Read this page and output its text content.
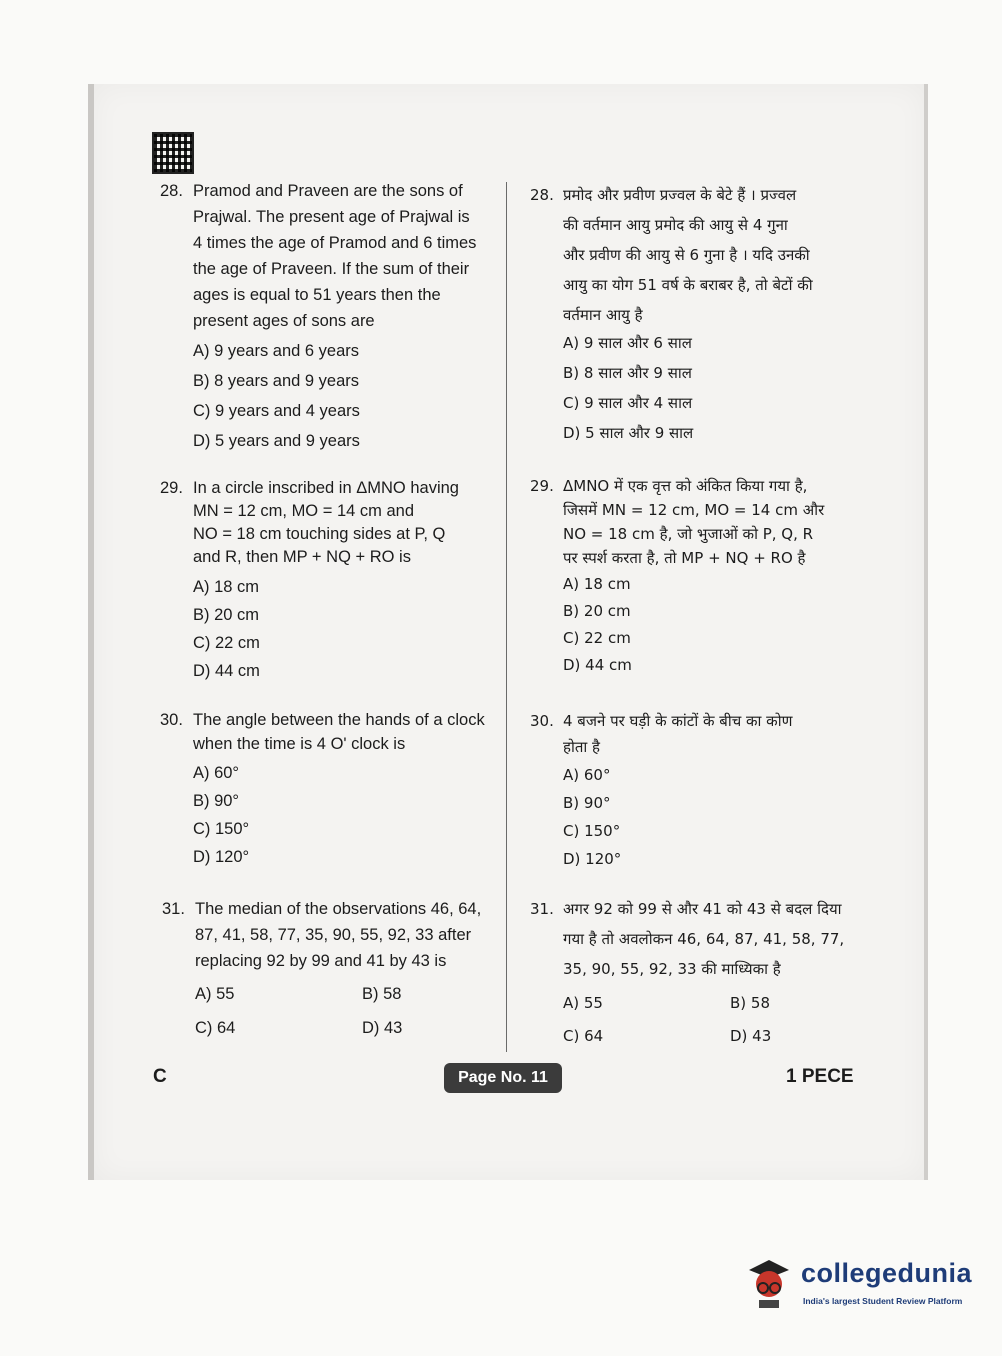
28. Pramod and Praveen are the sons of
Prajwal. The present age of Prajwal is
4 times the age of Pramod and 6 times
the age of Praveen. If the sum of their
ages is equal to 51 years then the
present ages of sons are
A) 9 years and 6 years
B) 8 years and 9 years
C) 9 years and 4 years
D) 5 years and 9 years
29. In a circle inscribed in ΔMNO having
MN = 12 cm, MO = 14 cm and
NO = 18 cm touching sides at P, Q
and R, then MP + NQ + RO is
A) 18 cm
B) 20 cm
C) 22 cm
D) 44 cm
30. The angle between the hands of a clock
when the time is 4 O' clock is
A) 60°
B) 90°
C) 150°
D) 120°
31. The median of the observations 46, 64,
87, 41, 58, 77, 35, 90, 55, 92, 33 after
replacing 92 by 99 and 41 by 43 is
A) 55	B) 58
C) 64	D) 43
28. प्रमोद और प्रवीण प्रज्वल के बेटे हैं । प्रज्वल
की वर्तमान आयु प्रमोद की आयु से 4 गुना
और प्रवीण की आयु से 6 गुना है । यदि उनकी
आयु का योग 51 वर्ष के बराबर है, तो बेटों की
वर्तमान आयु है
A) 9 साल और 6 साल
B) 8 साल और 9 साल
C) 9 साल और 4 साल
D) 5 साल और 9 साल
29. ΔMNO में एक वृत्त को अंकित किया गया है,
जिसमें MN = 12 cm, MO = 14 cm और
NO = 18 cm है, जो भुजाओं को P, Q, R
पर स्पर्श करता है, तो MP + NQ + RO है
A) 18 cm
B) 20 cm
C) 22 cm
D) 44 cm
30. 4 बजने पर घड़ी के कांटों के बीच का कोण
होता है
A) 60°
B) 90°
C) 150°
D) 120°
31. अगर 92 को 99 से और 41 को 43 से बदल दिया
गया है तो अवलोकन 46, 64, 87, 41, 58, 77,
35, 90, 55, 92, 33 की माध्यिका है
A) 55	B) 58
C) 64	D) 43
C	Page No. 11	1 PECE
collegedunia
India's largest Student Review Platform
